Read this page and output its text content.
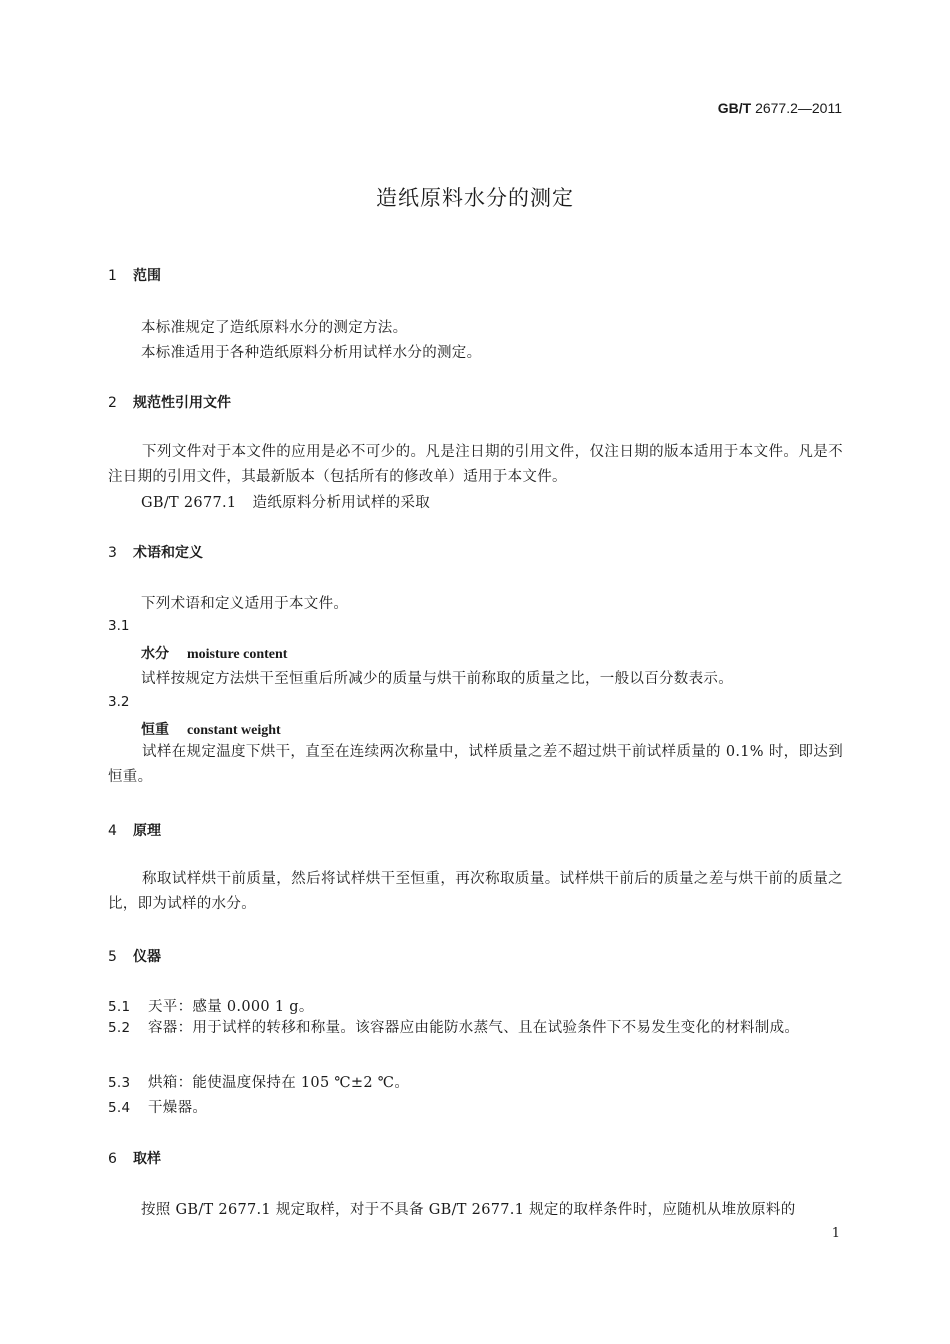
GB/T 2677.2—2011
造纸原料水分的测定
1 范围
本标准规定了造纸原料水分的测定方法。
本标准适用于各种造纸原料分析用试样水分的测定。
2 规范性引用文件
下列文件对于本文件的应用是必不可少的。凡是注日期的引用文件，仅注日期的版本适用于本文件。凡是不注日期的引用文件，其最新版本（包括所有的修改单）适用于本文件。
GB/T 2677.1 造纸原料分析用试样的采取
3 术语和定义
下列术语和定义适用于本文件。
3.1
水分 moisture content
试样按规定方法烘干至恒重后所减少的质量与烘干前称取的质量之比，一般以百分数表示。
3.2
恒重 constant weight
试样在规定温度下烘干，直至在连续两次称量中，试样质量之差不超过烘干前试样质量的 0.1% 时，即达到恒重。
4 原理
称取试样烘干前质量，然后将试样烘干至恒重，再次称取质量。试样烘干前后的质量之差与烘干前的质量之比，即为试样的水分。
5 仪器
5.1 天平：感量 0.000 1 g。
5.2 容器：用于试样的转移和称量。该容器应由能防水蒸气、且在试验条件下不易发生变化的材料制成。
5.3 烘箱：能使温度保持在 105 ℃±2 ℃。
5.4 干燥器。
6 取样
按照 GB/T 2677.1 规定取样，对于不具备 GB/T 2677.1 规定的取样条件时，应随机从堆放原料的
1
